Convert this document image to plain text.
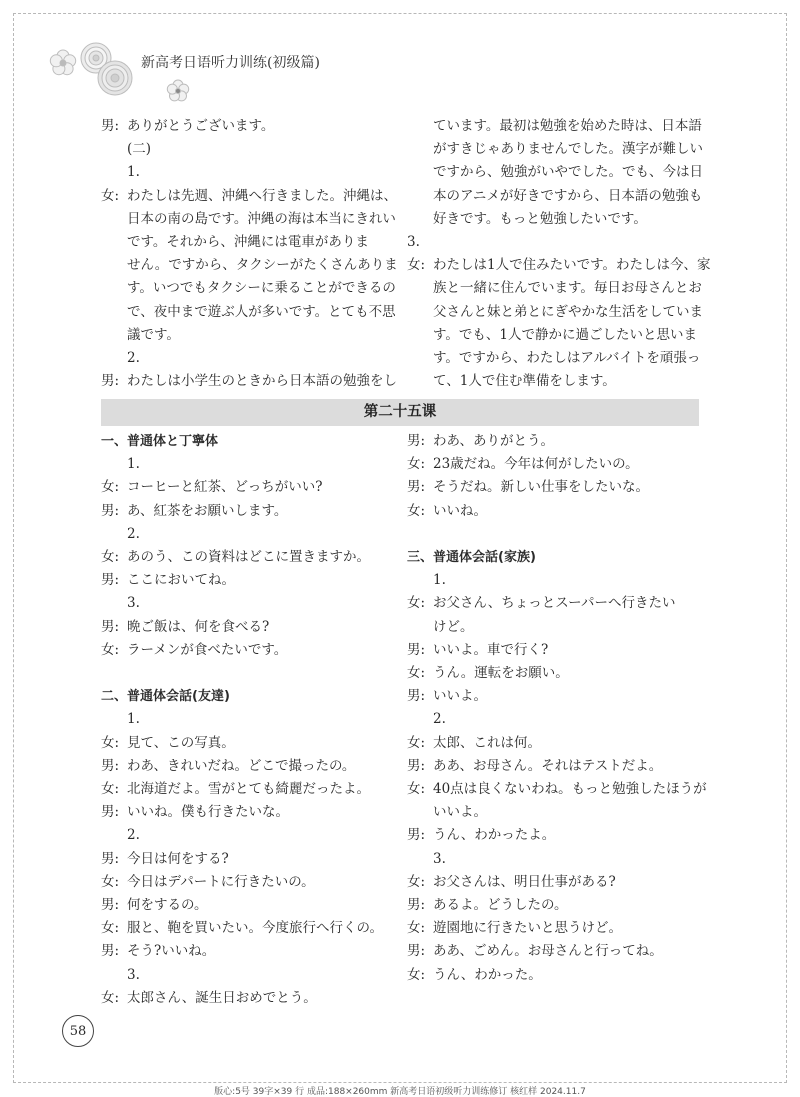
新高考日语听力训练(初级篇)
男: ありがとうございます。
(二)
1.
女: わたしは先週、沖縄へ行きました。沖縄は、
日本の南の島です。沖縄の海は本当にきれい
です。それから、沖縄には電車がありま
せん。ですから、タクシーがたくさんありま
す。いつでもタクシーに乗ることができるの
で、夜中まで遊ぶ人が多いです。とても不思
議です。
2.
男: わたしは小学生のときから日本語の勉強をし
ています。最初は勉強を始めた時は、日本語
がすきじゃありませんでした。漢字が難しい
ですから、勉強がいやでした。でも、今は日
本のアニメが好きですから、日本語の勉強も
好きです。もっと勉強したいです。
3.
女: わたしは1人で住みたいです。わたしは今、家
族と一緒に住んでいます。毎日お母さんとお
父さんと妹と弟とにぎやかな生活をしていま
す。でも、1人で静かに過ごしたいと思いま
す。ですから、わたしはアルバイトを頑張っ
て、1人で住む準備をします。
第二十五课
一、普通体と丁寧体
1.
女: コーヒーと紅茶、どっちがいい?
男: あ、紅茶をお願いします。
2.
女: あのう、この資料はどこに置きますか。
男: ここにおいてね。
3.
男: 晩ご飯は、何を食べる?
女: ラーメンが食べたいです。
二、普通体会話(友達)
1.
女: 見て、この写真。
男: わあ、きれいだね。どこで撮ったの。
女: 北海道だよ。雪がとても綺麗だったよ。
男: いいね。僕も行きたいな。
2.
男: 今日は何をする?
女: 今日はデパートに行きたいの。
男: 何をするの。
女: 服と、鞄を買いたい。今度旅行へ行くの。
男: そう?いいね。
3.
女: 太郎さん、誕生日おめでとう。
男: わあ、ありがとう。
女: 23歳だね。今年は何がしたいの。
男: そうだね。新しい仕事をしたいな。
女: いいね。
三、普通体会話(家族)
1.
女: お父さん、ちょっとスーパーへ行きたい
けど。
男: いいよ。車で行く?
女: うん。運転をお願い。
男: いいよ。
2.
女: 太郎、これは何。
男: ああ、お母さん。それはテストだよ。
女: 40点は良くないわね。もっと勉強したほうが
いいよ。
男: うん、わかったよ。
3.
女: お父さんは、明日仕事がある?
男: あるよ。どうしたの。
女: 遊園地に行きたいと思うけど。
男: ああ、ごめん。お母さんと行ってね。
女: うん、わかった。
58
版心:5号 39字×39 行 成品:188×260mm 新高考日语初级听力训练修订 核红样 2024.11.7
